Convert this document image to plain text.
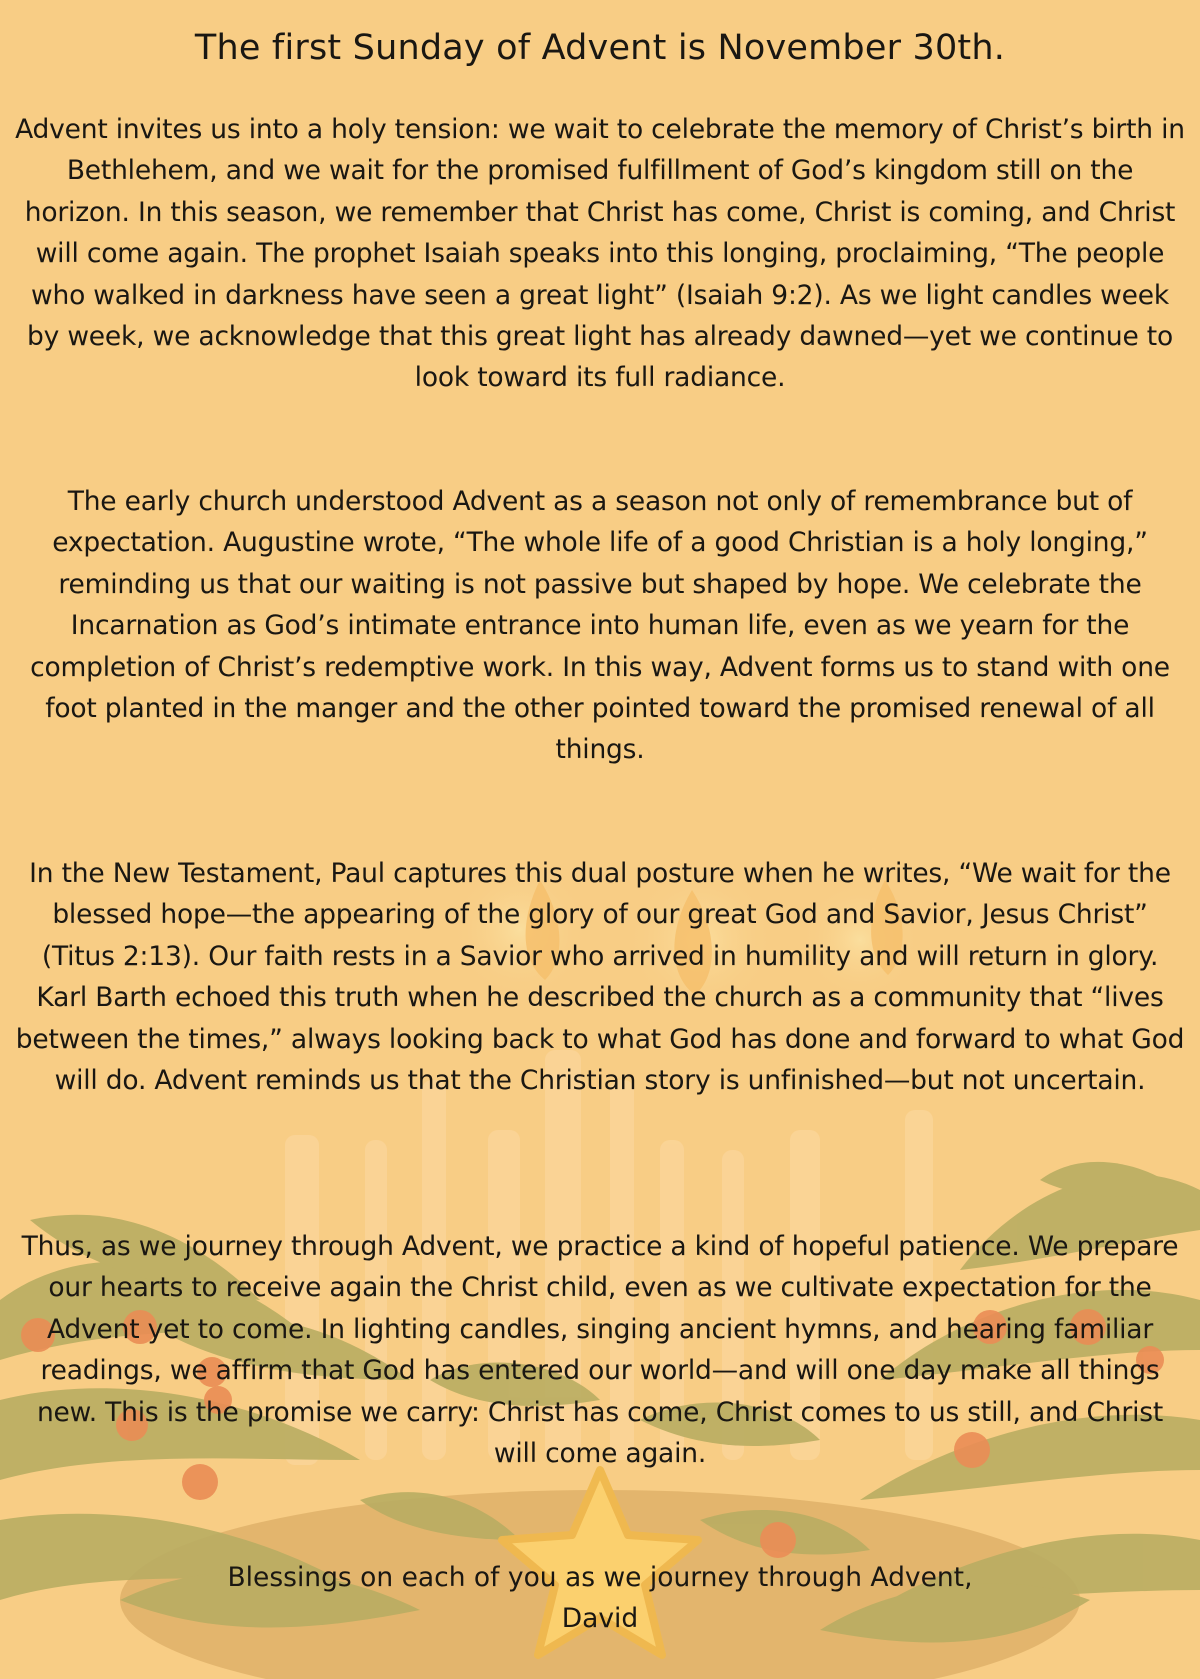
The first Sunday of Advent is November 30th.

Advent invites us into a holy tension: we wait to celebrate the memory of Christ’s birth in Bethlehem, and we wait for the promised fulfillment of God’s kingdom still on the horizon. In this season, we remember that Christ has come, Christ is coming, and Christ will come again. The prophet Isaiah speaks into this longing, proclaiming, “The people who walked in darkness have seen a great light” (Isaiah 9:2). As we light candles week by week, we acknowledge that this great light has already dawned—yet we continue to look toward its full radiance.

The early church understood Advent as a season not only of remembrance but of expectation. Augustine wrote, “The whole life of a good Christian is a holy longing,” reminding us that our waiting is not passive but shaped by hope. We celebrate the Incarnation as God’s intimate entrance into human life, even as we yearn for the completion of Christ’s redemptive work. In this way, Advent forms us to stand with one foot planted in the manger and the other pointed toward the promised renewal of all things.

In the New Testament, Paul captures this dual posture when he writes, “We wait for the blessed hope—the appearing of the glory of our great God and Savior, Jesus Christ” (Titus 2:13). Our faith rests in a Savior who arrived in humility and will return in glory. Karl Barth echoed this truth when he described the church as a community that “lives between the times,” always looking back to what God has done and forward to what God will do. Advent reminds us that the Christian story is unfinished—but not uncertain.

Thus, as we journey through Advent, we practice a kind of hopeful patience. We prepare our hearts to receive again the Christ child, even as we cultivate expectation for the Advent yet to come. In lighting candles, singing ancient hymns, and hearing familiar readings, we affirm that God has entered our world—and will one day make all things new. This is the promise we carry: Christ has come, Christ comes to us still, and Christ will come again.

Blessings on each of you as we journey through Advent,
David
